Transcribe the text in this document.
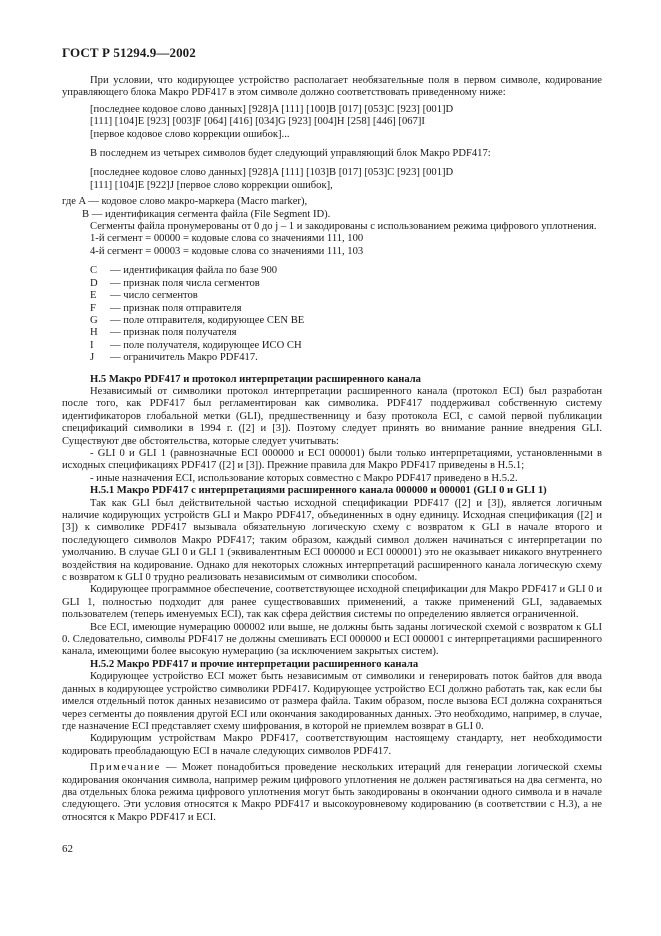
ГОСТ Р 51294.9—2002

При условии, что кодирующее устройство располагает необязательные поля в первом символе, кодирование управляющего блока Макро PDF417 в этом символе должно соответствовать приведенному ниже:

[последнее кодовое слово данных] [928]A [111] [100]B [017] [053]C [923] [001]D
[111] [104]E [923] [003]F [064] [416] [034]G [923] [004]H [258] [446] [067]I
[первое кодовое слово коррекции ошибок]...

В последнем из четырех символов будет следующий управляющий блок Макро PDF417:

[последнее кодовое слово данных] [928]A [111] [103]B [017] [053]C [923] [001]D
[111] [104]E [922]J [первое слово коррекции ошибок],
где A — кодовое слово макро-маркера (Macro marker),
B — идентификация сегмента файла (File Segment ID).

Сегменты файла пронумерованы от 0 до j – 1 и закодированы с использованием режима цифрового уплотнения.

1-й сегмент = 00000 = кодовые слова со значениями 111, 100
4-й сегмент = 00003 = кодовые слова со значениями 111, 103
C	— идентификация файла по базе 900
D	— признак поля числа сегментов
E	— число сегментов
F	— признак поля отправителя
G	— поле отправителя, кодирующее CEN BE
H	— признак поля получателя
I	— поле получателя, кодирующее ИСО СН
J	— ограничитель Макро PDF417.
Н.5 Макро PDF417 и протокол интерпретации расширенного канала

Независимый от символики протокол интерпретации расширенного канала (протокол ECI) был разработан после того, как PDF417 был регламентирован как символика. PDF417 поддерживал собственную систему идентификаторов глобальной метки (GLI), предшественницу и базу протокола ECI, с самой первой публикации спецификаций символики в 1994 г. ([2] и [3]). Поэтому следует принять во внимание ранние внедрения GLI. Существуют две обстоятельства, которые следует учитывать:

- GLI 0 и GLI 1 (равнозначные ECI 000000 и ECI 000001) были только интерпретациями, установленными в исходных спецификациях PDF417 ([2] и [3]). Прежние правила для Макро PDF417 приведены в Н.5.1;

- иные назначения ECI, использование которых совместно с Макро PDF417 приведено в Н.5.2.

Н.5.1 Макро PDF417 с интерпретациями расширенного канала 000000 и 000001 (GLI 0 и GLI 1)

Так как GLI был действительной частью исходной спецификации PDF417 ([2] и [3]), является логичным наличие кодирующих устройств GLI и Макро PDF417, объединенных в одну единицу. Исходная спецификация ([2] и [3]) к символике PDF417 вызывала обязательную логическую схему с возвратом к GLI в начале второго и последующего символов Макро PDF417; таким образом, каждый символ должен начинаться с интерпретации по умолчанию. В случае GLI 0 и GLI 1 (эквивалентным ECI 000000 и ECI 000001) это не оказывает никакого внутреннего воздействия на кодирование. Однако для некоторых сложных интерпретаций расширенного канала логическую схему с возвратом к GLI 0 трудно реализовать независимым от символики способом.

Кодирующее программное обеспечение, соответствующее исходной спецификации для Макро PDF417 и GLI 0 и GLI 1, полностью подходит для ранее существовавших применений, а также применений GLI, задаваемых пользователем (теперь именуемых ECI), так как сфера действия системы по определению является ограниченной.

Все ECI, имеющие нумерацию 000002 или выше, не должны быть заданы логической схемой с возвратом к GLI 0. Следовательно, символы PDF417 не должны смешивать ECI 000000 и ECI 000001 с интерпретациями расширенного канала, имеющими более высокую нумерацию (за исключением закрытых систем).

Н.5.2 Макро PDF417 и прочие интерпретации расширенного канала

Кодирующее устройство ECI может быть независимым от символики и генерировать поток байтов для ввода данных в кодирующее устройство символики PDF417. Кодирующее устройство ECI должно работать так, как если бы имелся отдельный поток данных независимо от размера файла. Таким образом, после вызова ECI должна сохраняться через сегменты до появления другой ECI или окончания закодированных данных. Это необходимо, например, в случае, где назначение ECI представляет схему шифрования, в которой не приемлем возврат в GLI 0.

Кодирующим устройствам Макро PDF417, соответствующим настоящему стандарту, нет необходимости кодировать преобладающую ECI в начале следующих символов PDF417.

Примечание — Может понадобиться проведение нескольких итераций для генерации логической схемы кодирования окончания символа, например режим цифрового уплотнения не должен растягиваться на два сегмента, но два отдельных блока режима цифрового уплотнения могут быть закодированы в окончании одного символа и в начале следующего. Эти условия относятся к Макро PDF417 и высокоуровневому кодированию (в соответствии с Н.3), а не относятся к Макро PDF417 и ECI.

62
